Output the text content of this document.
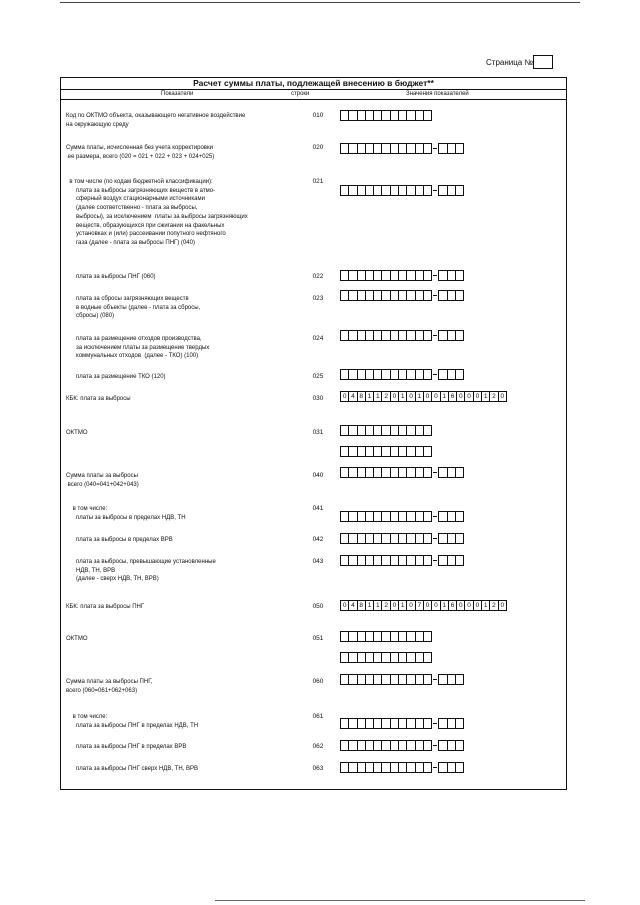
Страница №
Расчет суммы платы, подлежащей внесению в бюджет**
Показатели	строки	Значения показателей
Код по ОКТМО объекта, оказывающего негативное воздействие
на окружающую среду
010
Сумма платы, исчисленная без учета корректировки
ее размера, всего (020 = 021 + 022 + 023 + 024+025)
020
в том числе (по кодам бюджетной классификации):
плата за выбросы загрязняющих веществ в атмо-
сферный воздух стационарными источниками
(далее соответственно - плата за выбросы,
выбросы), за исключением  платы за выбросы загрязняющих
веществ, образующихся при сжигании на факельных
установках и (или) рассеивании попутного нефтяного
газа (далее - плата за выбросы ПНГ) (040)
021
плата за выбросы ПНГ (060)	022
плата за сбросы загрязняющих веществ
в водные объекты (далее - плата за сбросы,
сбросы) (080)
023
плата за размещение отходов производства,
за исключением платы за размещение твердых
коммунальных отходов  (далее - ТКО) (100)
024
плата за размещение ТКО (120)	025
КБК: плата за выбросы	030	0 4 8 1 1 2 0 1 0 1 0 0 1 6 0 0 0 1 2 0
ОКТМО	031
Сумма платы за выбросы
всего (040=041+042+043)
040
в том числе:
платы за выбросы в пределах НДВ, ТН
041
плата за выбросы в пределах ВРВ	042
плата за выбросы, превышающие установленные
НДВ, ТН, ВРВ
(далее - сверх НДВ, ТН, ВРВ)
043
КБК: плата за выбросы ПНГ	050	0 4 8 1 1 2 0 1 0 7 0 0 1 6 0 0 0 1 2 0
ОКТМО	051
Сумма платы за выбросы ПНГ,
всего (060=061+062+063)
060
в том числе:
плата за выбросы ПНГ в пределах НДВ, ТН
061
плата за выбросы ПНГ в пределах ВРВ	062
плата за выбросы ПНГ сверх НДВ, ТН, ВРВ	063
